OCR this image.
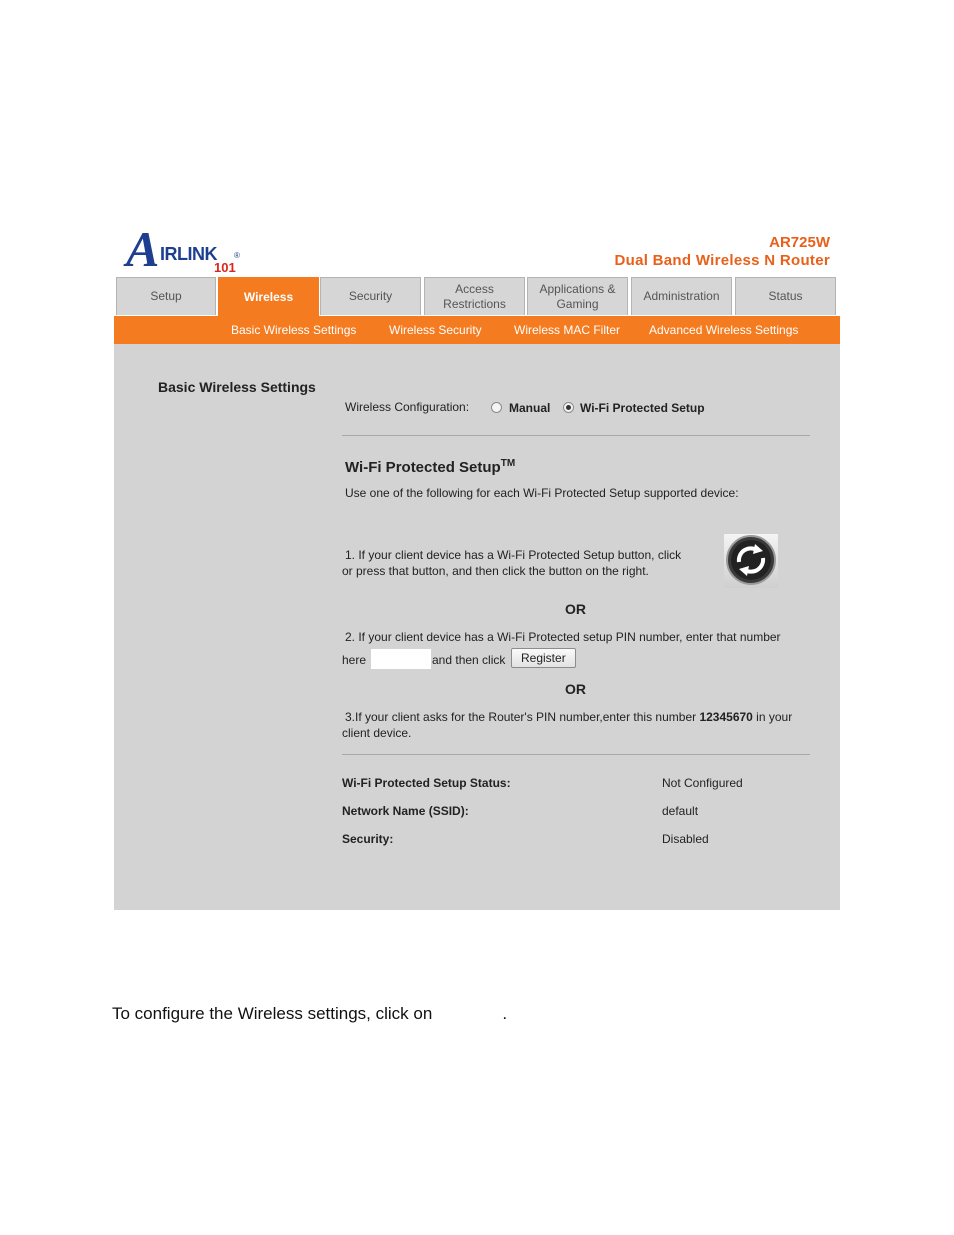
A IRLINK ®
101
AR725W
Dual Band Wireless N Router
Setup	Wireless	Security
Access
Restrictions
Applications &
Gaming
Administration	Status
Basic Wireless Settings	Wireless Security	Wireless MAC Filter Advanced Wireless Settings
Basic Wireless Settings
Wireless Configuration:	Manual Wi-Fi Protected Setup
Wi-Fi Protected Setup™
Use one of the following for each Wi-Fi Protected Setup supported device:
1. If your client device has a Wi-Fi Protected Setup button, click
or press that button, and then click the button on the right.
OR
2. If your client device has a Wi-Fi Protected setup PIN number, enter that number
here	and then click	Register
OR
3.If your client asks for the Router's PIN number,enter this number 12345670 in your
client device.
Wi-Fi Protected Setup Status:	Not Configured
Network Name (SSID):	default
Security:	Disabled
To configure the Wireless settings, click on	.
